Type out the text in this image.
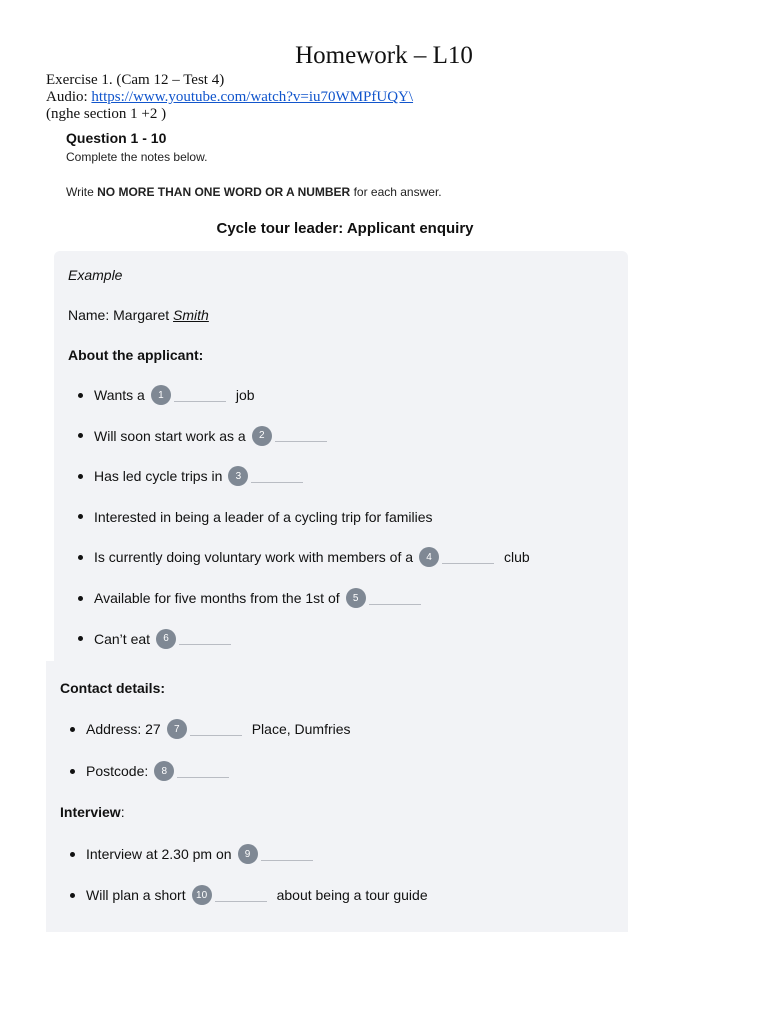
Homework – L10
Exercise 1. (Cam 12 – Test 4)
Audio: https://www.youtube.com/watch?v=iu70WMPfUQY\
(nghe section 1 +2 )
Question 1 - 10
Complete the notes below.
Write NO MORE THAN ONE WORD OR A NUMBER for each answer.
Cycle tour leader: Applicant enquiry
Example
Name: Margaret Smith
About the applicant:
Wants a	1	job
Will soon start work as a	2
Has led cycle trips in	3
Interested in being a leader of a cycling trip for families
Is currently doing voluntary work with members of a	4	club
Available for five months from the 1st of	5
Can’t eat	6
Contact details:
Address: 27	7	Place, Dumfries
Postcode:	8
Interview:
Interview at 2.30 pm on	9
Will plan a short	10	about being a tour guide
